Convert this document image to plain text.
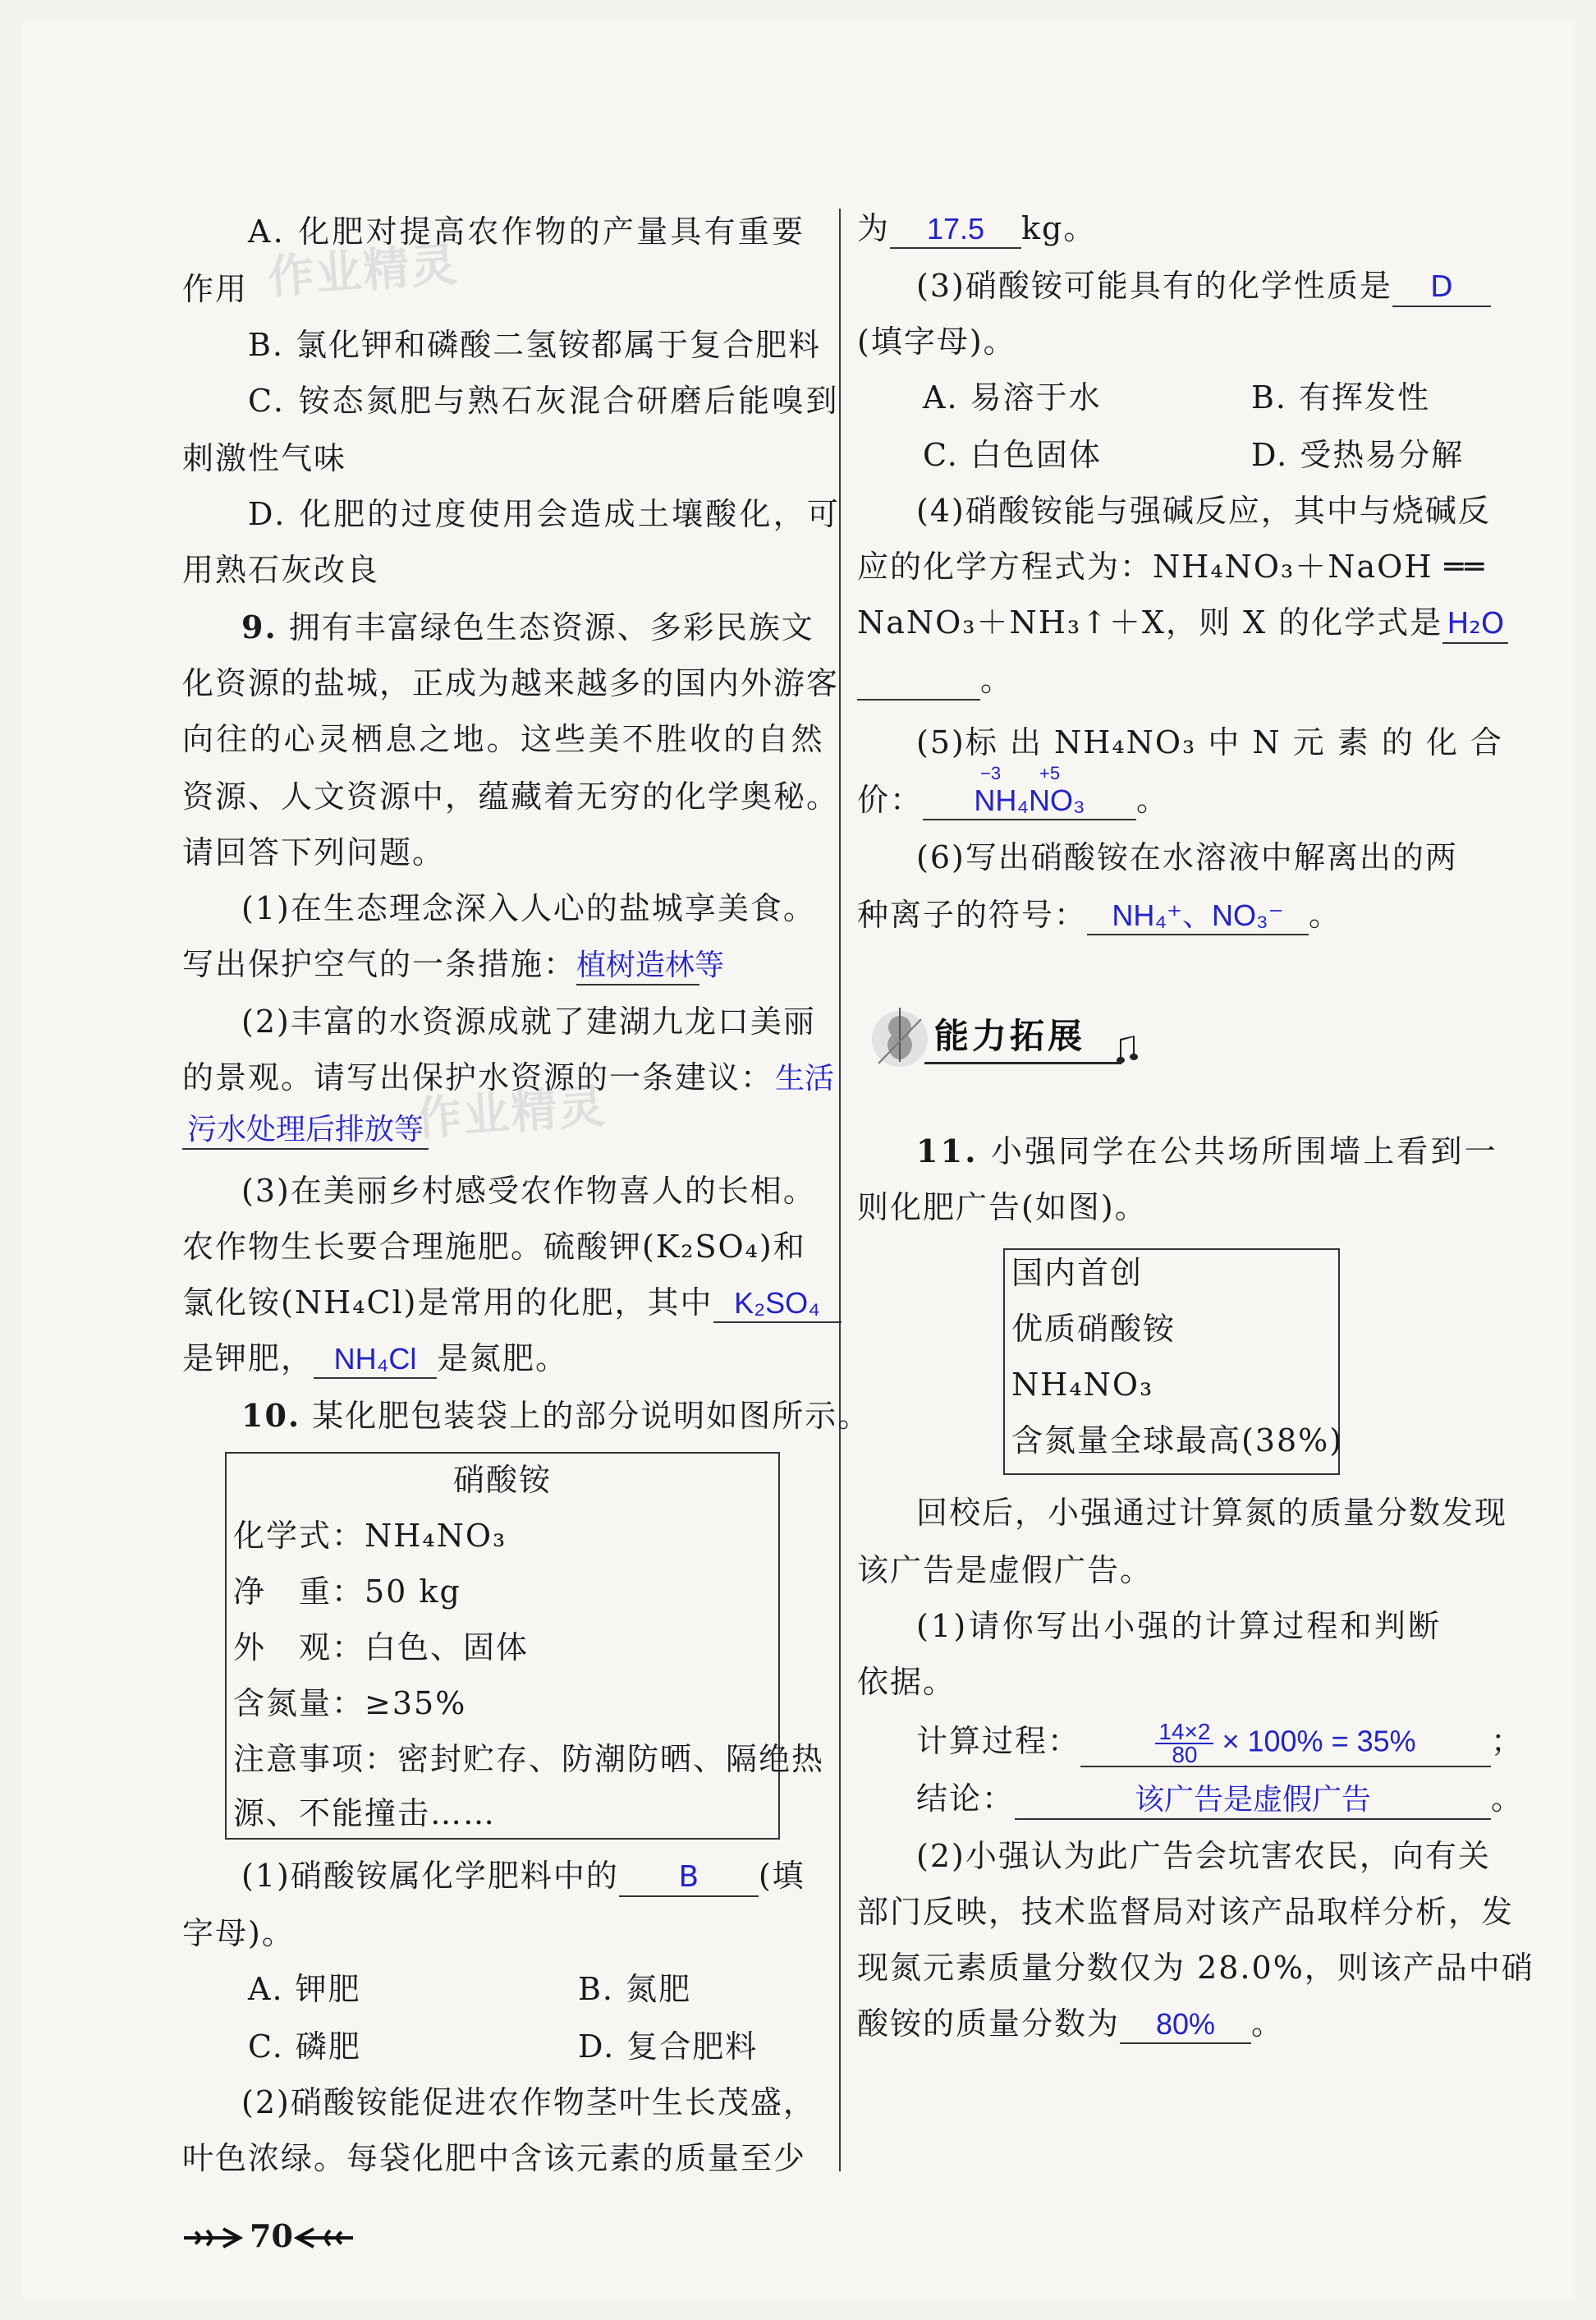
作业精灵
作业精灵
A. 化肥对提高农作物的产量具有重要
作用
B. 氯化钾和磷酸二氢铵都属于复合肥料
C. 铵态氮肥与熟石灰混合研磨后能嗅到
刺激性气味
D. 化肥的过度使用会造成土壤酸化，可
用熟石灰改良
9. 拥有丰富绿色生态资源、多彩民族文
化资源的盐城，正成为越来越多的国内外游客
向往的心灵栖息之地。这些美不胜收的自然
资源、人文资源中，蕴藏着无穷的化学奥秘。
请回答下列问题。
(1)在生态理念深入人心的盐城享美食。
写出保护空气的一条措施：植树造林等
(2)丰富的水资源成就了建湖九龙口美丽
的景观。请写出保护水资源的一条建议：生活
污水处理后排放等
(3)在美丽乡村感受农作物喜人的长相。
农作物生长要合理施肥。硫酸钾(K₂SO₄)和
氯化铵(NH₄Cl)是常用的化肥，其中 K₂SO₄
是钾肥， NH₄Cl 是氮肥。
10. 某化肥包装袋上的部分说明如图所示。
硝酸铵
化学式：NH₄NO₃
净　重：50 kg
外　观：白色、固体
含氮量：≥35%
注意事项：密封贮存、防潮防晒、隔绝热
源、不能撞击……
(1)硝酸铵属化学肥料中的 B (填
字母)。
A. 钾肥	B. 氮肥
C. 磷肥	D. 复合肥料
(2)硝酸铵能促进农作物茎叶生长茂盛，
叶色浓绿。每袋化肥中含该元素的质量至少
为 17.5 kg。
(3)硝酸铵可能具有的化学性质是 D
(填字母)。
A. 易溶于水	B. 有挥发性
C. 白色固体	D. 受热易分解
(4)硝酸铵能与强碱反应，其中与烧碱反
应的化学方程式为：NH₄NO₃＋NaOH ══
NaNO₃＋NH₃↑＋X，则 X 的化学式是 H₂O
。
(5)标 出 NH₄NO₃ 中 N 元 素 的 化 合
价：
−3 +5
NH₄NO₃ 。
(6)写出硝酸铵在水溶液中解离出的两
种离子的符号： NH₄⁺、NO₃⁻ 。
能力拓展
11. 小强同学在公共场所围墙上看到一
则化肥广告(如图)。
国内首创
优质硝酸铵
NH₄NO₃
含氮量全球最高(38%)
回校后，小强通过计算氮的质量分数发现
该广告是虚假广告。
(1)请你写出小强的计算过程和判断
依据。
计算过程：	$\frac{14\times 2}{80} \times 100\% = 35\%$ ；
结论：	该广告是虚假广告	。
(2)小强认为此广告会坑害农民，向有关
部门反映，技术监督局对该产品取样分析，发
现氮元素质量分数仅为 28.0%，则该产品中硝
酸铵的质量分数为 80% 。
70
